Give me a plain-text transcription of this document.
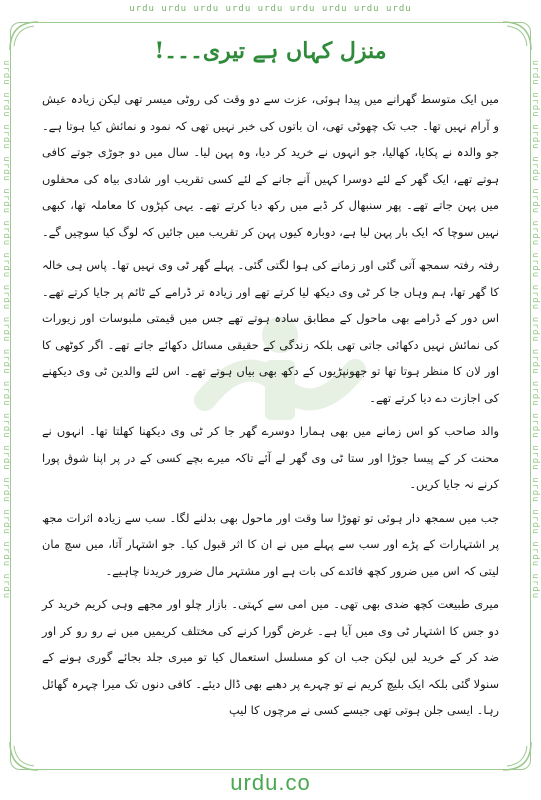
urdu urdu urdu urdu urdu urdu urdu urdu urdu
urdu urdu urdu urdu urdu urdu urdu urdu urdu urdu urdu urdu urdu urdu urdu urdu urdu	urdu urdu urdu urdu urdu urdu urdu urdu urdu urdu urdu urdu urdu urdu urdu urdu urdu
منزل کہاں ہے تیری۔۔۔!

میں ایک متوسط گھرانے میں پیدا ہوئی، عزت سے دو وقت کی روٹی میسر تھی لیکن زیادہ عیش و آرام نہیں تھا۔ جب تک چھوٹی تھی، ان باتوں کی خبر نہیں تھی کہ نمود و نمائش کیا ہوتا ہے۔ جو والدہ نے پکایا، کھالیا، جو انہوں نے خرید کر دیا، وہ پہن لیا۔ سال میں دو جوڑی جوتے کافی ہوتے تھے، ایک گھر کے لئے دوسرا کہیں آنے جانے کے لئے کسی تقریب اور شادی بیاہ کی محفلوں میں پہن جاتے تھے۔ پھر سنبھال کر ڈبے میں رکھ دیا کرتے تھے۔ یہی کپڑوں کا معاملہ تھا، کبھی نہیں سوچا کہ ایک بار پہن لیا ہے، دوبارہ کیوں پہن کر تقریب میں جائیں کہ لوگ کیا سوچیں گے۔

رفتہ رفتہ سمجھ آتی گئی اور زمانے کی ہوا لگتی گئی۔ پہلے گھر ٹی وی نہیں تھا۔ پاس ہی خالہ کا گھر تھا، ہم وہاں جا کر ٹی وی دیکھ لیا کرتے تھے اور زیادہ تر ڈرامے کے ٹائم پر جایا کرتے تھے۔ اس دور کے ڈرامے بھی ماحول کے مطابق سادہ ہوتے تھے جس میں قیمتی ملبوسات اور زیورات کی نمائش نہیں دکھائی جاتی تھی بلکہ زندگی کے حقیقی مسائل دکھائے جاتے تھے۔ اگر کوٹھی کا اور لان کا منظر ہوتا تھا تو جھونپڑیوں کے دکھ بھی بیاں ہوتے تھے۔ اس لئے والدین ٹی وی دیکھنے کی اجازت دے دیا کرتے تھے۔

والد صاحب کو اس زمانے میں بھی ہمارا دوسرے گھر جا کر ٹی وی دیکھنا کھلتا تھا۔ انہوں نے محنت کر کے پیسا جوڑا اور ستا ٹی وی گھر لے آئے تاکہ میرے بچے کسی کے در پر اپنا شوق پورا کرنے نہ جایا کریں۔

جب میں سمجھ دار ہوئی تو تھوڑا سا وقت اور ماحول بھی بدلنے لگا۔ سب سے زیادہ اثرات مجھ پر اشتہارات کے پڑے اور سب سے پہلے میں نے ان کا اثر قبول کیا۔ جو اشتہار آتا، میں سچ مان لیتی کہ اس میں ضرور کچھ فائدے کی بات ہے اور مشتہر مال ضرور خریدنا چاہیے۔

میری طبیعت کچھ ضدی بھی تھی۔ میں امی سے کہتی۔ بازار چلو اور مجھے وہی کریم خرید کر دو جس کا اشتہار ٹی وی میں آیا ہے۔ غرض گورا کرنے کی مختلف کریمیں میں نے رو رو کر اور ضد کر کے خرید لیں لیکن جب ان کو مسلسل استعمال کیا تو میری جلد بجائے گوری ہونے کے سنولا گئی بلکہ ایک بلیچ کریم نے تو چہرے پر دھبے بھی ڈال دیئے۔ کافی دنوں تک میرا چہرہ گھائل رہا۔ ایسی جلن ہوتی تھی جیسے کسی نے مرچوں کا لیپ

urdu.co
